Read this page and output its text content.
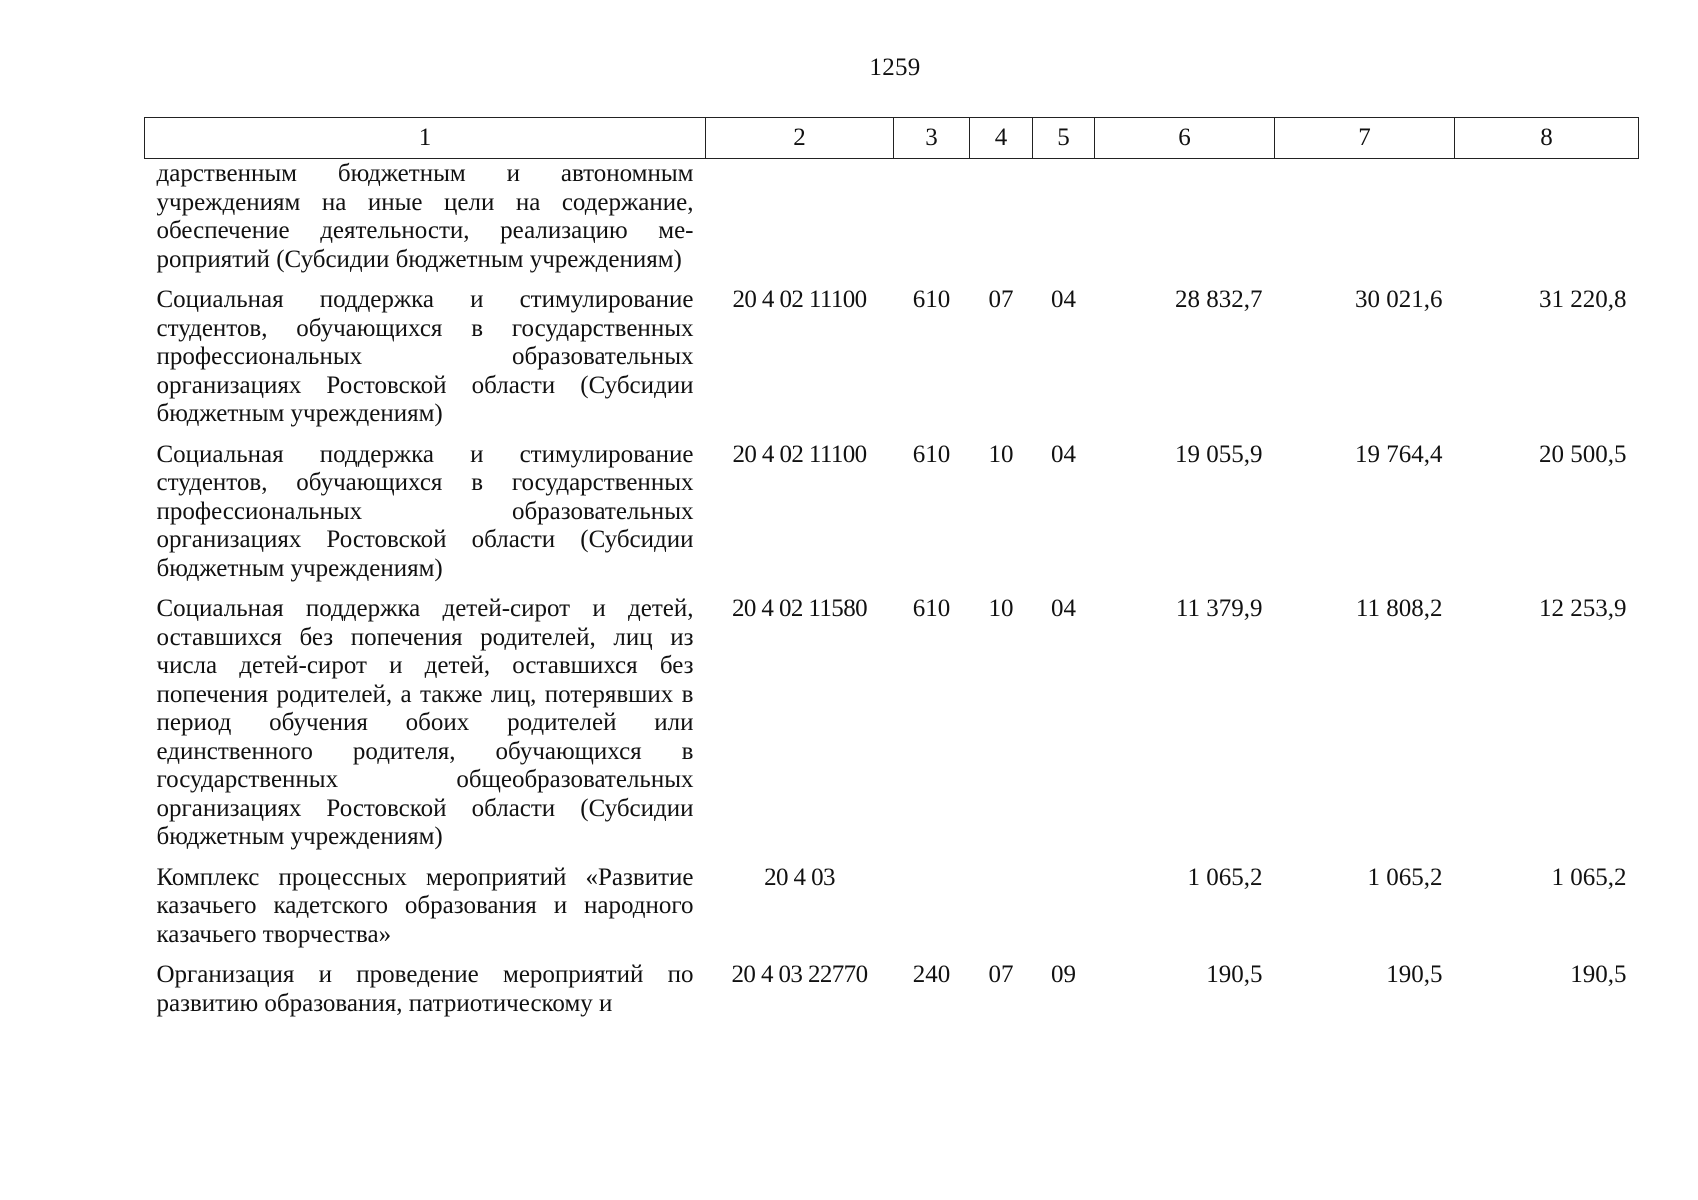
1259
1	2	3	4	5	6	7	8
дарственным бюджетным и автономным учреждениям на иные цели на содержание, обеспечение деятельности, реализацию мероприятий (Субсидии бюджетным учреждениям)							
Социальная поддержка и стимулирование студентов, обучающихся в государственных профессиональных образовательных организациях Ростовской области (Субсидии бюджетным учреждениям)	20 4 02 11100	610	07	04	28 832,7	30 021,6	31 220,8
Социальная поддержка и стимулирование студентов, обучающихся в государственных профессиональных образовательных организациях Ростовской области (Субсидии бюджетным учреждениям)	20 4 02 11100	610	10	04	19 055,9	19 764,4	20 500,5
Социальная поддержка детей-сирот и детей, оставшихся без попечения родителей, лиц из числа детей-сирот и детей, оставшихся без попечения родителей, а также лиц, потерявших в период обучения обоих родителей или единственного родителя, обучающихся в государственных общеобразовательных организациях Ростовской области (Субсидии бюджетным учреждениям)	20 4 02 11580	610	10	04	11 379,9	11 808,2	12 253,9
Комплекс процессных мероприятий «Развитие казачьего кадетского образования и народного казачьего творчества»	20 4 03				1 065,2	1 065,2	1 065,2
Организация и проведение мероприятий по развитию образования, патриотическому и	20 4 03 22770	240	07	09	190,5	190,5	190,5
